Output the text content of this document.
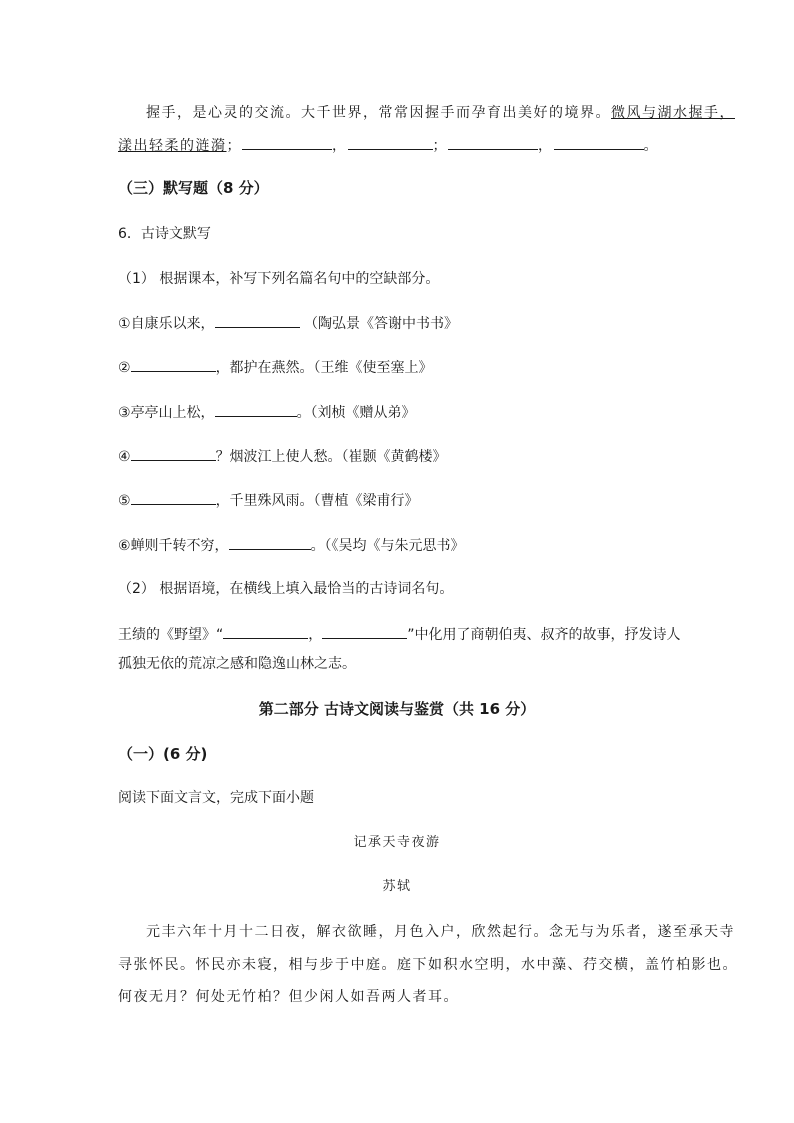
握手，是心灵的交流。大千世界，常常因握手而孕育出美好的境界。微风与湖水握手，
漾出轻柔的涟漪；	，	；	，	。
（三）默写题（8 分）
6．古诗文默写
（1） 根据课本，补写下列名篇名句中的空缺部分。
①自康乐以来，	（陶弘景《答谢中书书》
②	，都护在燕然。（王维《使至塞上》
③亭亭山上松，	。（刘桢《赠从弟》
④	？烟波江上使人愁。（崔颢《黄鹤楼》
⑤	，千里殊风雨。（曹植《梁甫行》
⑥蝉则千转不穷，	。（《吴均《与朱元思书》
（2） 根据语境，在横线上填入最恰当的古诗词名句。
王绩的《野望》“	，	”中化用了商朝伯夷、叔齐的故事，抒发诗人
孤独无依的荒凉之感和隐逸山林之志。
第二部分 古诗文阅读与鉴赏（共 16 分）
（一）(6 分)
阅读下面文言文，完成下面小题
记承天寺夜游
苏轼
元丰六年十月十二日夜，解衣欲睡，月色入户，欣然起行。念无与为乐者，遂至承天寺
寻张怀民。怀民亦未寝，相与步于中庭。庭下如积水空明，水中藻、荇交横，盖竹柏影也。
何夜无月？何处无竹柏？但少闲人如吾两人者耳。
